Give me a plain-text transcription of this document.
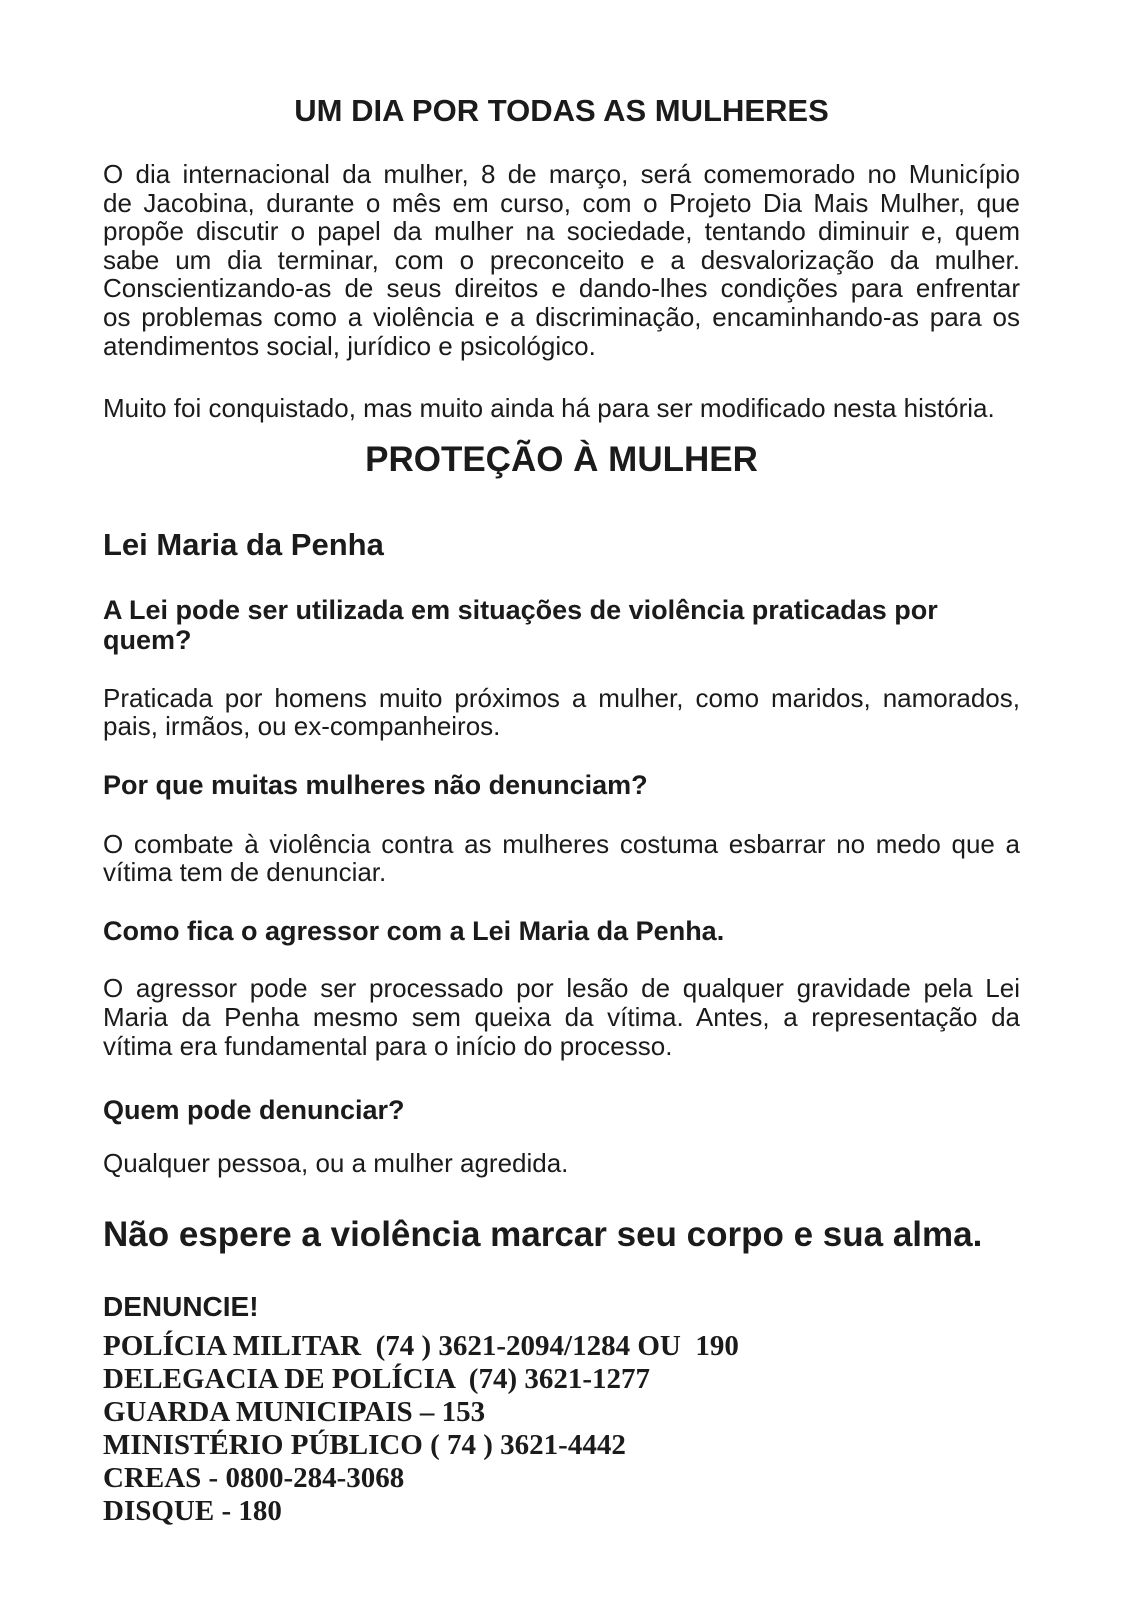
UM DIA POR TODAS AS MULHERES
O dia internacional da mulher, 8 de março, será comemorado no Município
de Jacobina, durante o mês em curso, com o Projeto Dia Mais Mulher, que
propõe discutir o papel da mulher na sociedade, tentando diminuir e, quem
sabe um dia terminar, com o preconceito e a desvalorização da mulher.
Conscientizando-as de seus direitos e dando-lhes condições para enfrentar
os problemas como a violência e a discriminação, encaminhando-as para os
atendimentos social, jurídico e psicológico.
Muito foi conquistado, mas muito ainda há para ser modificado nesta história.
PROTEÇÃO À MULHER
Lei Maria da Penha
A Lei pode ser utilizada em situações de violência praticadas por quem?
Praticada por homens muito próximos a mulher, como maridos, namorados,
pais, irmãos, ou ex-companheiros.
Por que muitas mulheres não denunciam?
O combate à violência contra as mulheres costuma esbarrar no medo que a
vítima tem de denunciar.
Como fica o agressor com a Lei Maria da Penha.
O agressor pode ser processado por lesão de qualquer gravidade pela Lei
Maria da Penha mesmo sem queixa da vítima. Antes, a representação da
vítima era fundamental para o início do processo.
Quem pode denunciar?
Qualquer pessoa, ou a mulher agredida.
Não espere a violência marcar seu corpo e sua alma.
DENUNCIE!
POLÍCIA MILITAR  (74 ) 3621-2094/1284 OU  190
DELEGACIA DE POLÍCIA  (74) 3621-1277
GUARDA MUNICIPAIS – 153
MINISTÉRIO PÚBLICO ( 74 ) 3621-4442
CREAS - 0800-284-3068
DISQUE - 180
